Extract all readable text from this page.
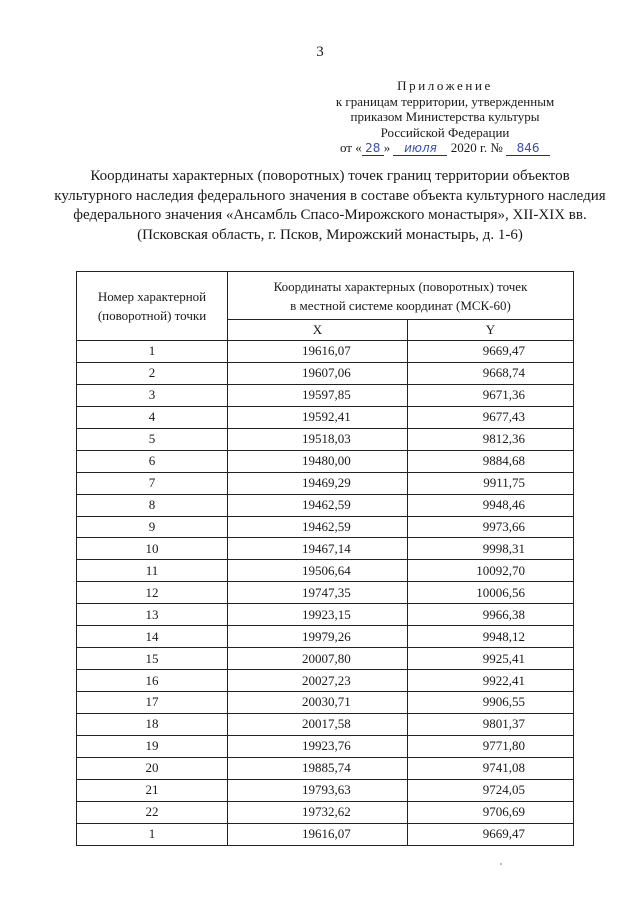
3
Приложение
к границам территории, утвержденным
приказом Министерства культуры
Российской Федерации
от « 28 » июля 2020 г. № 846
Координаты характерных (поворотных) точек границ территории объектов культурного наследия федерального значения в составе объекта культурного наследия федерального значения «Ансамбль Спасо-Мирожского монастыря», XII-XIX вв. (Псковская область, г. Псков, Мирожский монастырь, д. 1-6)
Номер характерной (поворотной) точки	Координаты характерных (поворотных) точек
в местной системе координат (МСК-60)	

	X	Y
1	19616,07	9669,47
2	19607,06	9668,74
3	19597,85	9671,36
4	19592,41	9677,43
5	19518,03	9812,36
6	19480,00	9884,68
7	19469,29	9911,75
8	19462,59	9948,46
9	19462,59	9973,66
10	19467,14	9998,31
11	19506,64	10092,70
12	19747,35	10006,56
13	19923,15	9966,38
14	19979,26	9948,12
15	20007,80	9925,41
16	20027,23	9922,41
17	20030,71	9906,55
18	20017,58	9801,37
19	19923,76	9771,80
20	19885,74	9741,08
21	19793,63	9724,05
22	19732,62	9706,69
1	19616,07	9669,47
